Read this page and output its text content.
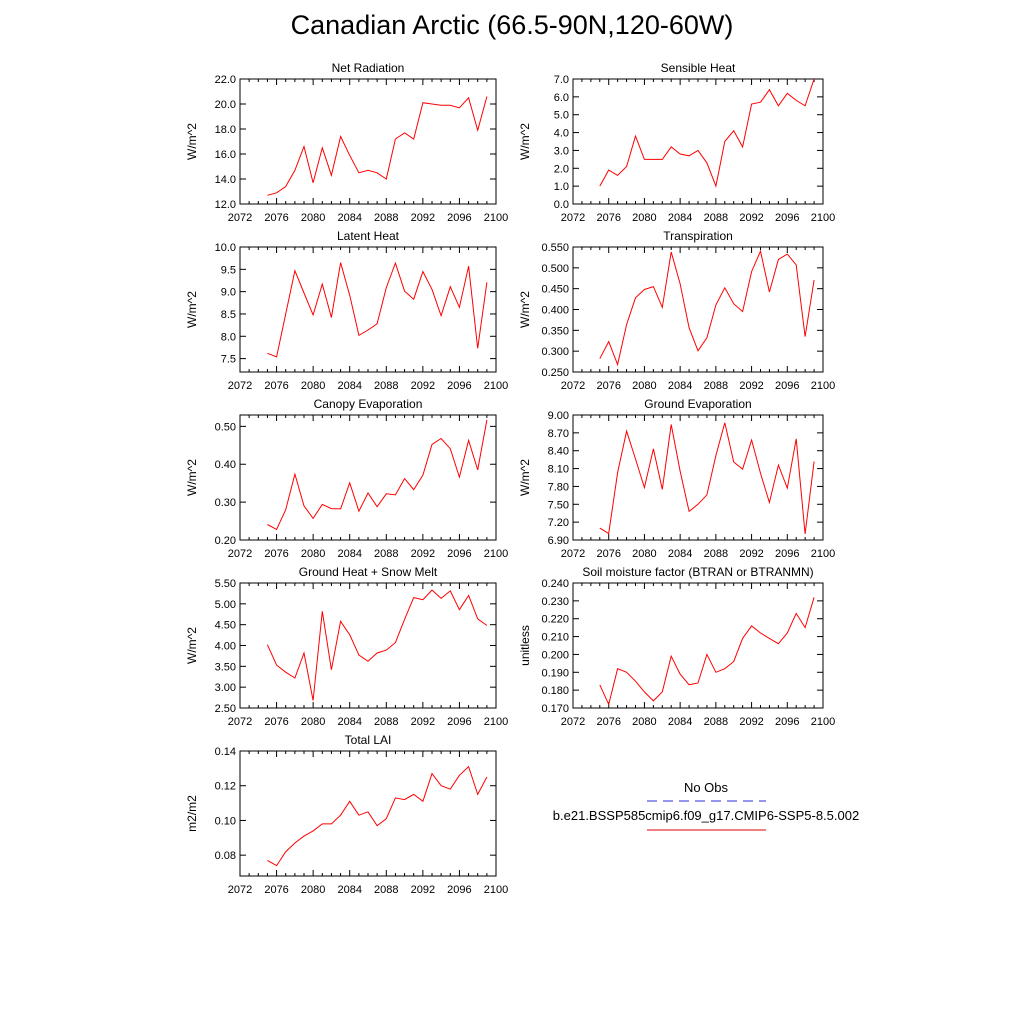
Canadian Arctic (66.5-90N,120-60W)
Net Radiation
W/m^2
12.0
14.0
16.0
18.0
20.0
22.0
2072 2076 2080 2084 2088 2092 2096 2100
Sensible Heat
W/m^2
0.0
1.0
2.0
3.0
4.0
5.0
6.0
7.0
2072 2076 2080 2084 2088 2092 2096 2100
Latent Heat
W/m^2
7.5
8.0
8.5
9.0
9.5
10.0
2072 2076 2080 2084 2088 2092 2096 2100
Transpiration
W/m^2
0.250
0.300
0.350
0.400
0.450
0.500
0.550
2072 2076 2080 2084 2088 2092 2096 2100
Canopy Evaporation
W/m^2
0.20
0.30
0.40
0.50
2072 2076 2080 2084 2088 2092 2096 2100
Ground Evaporation
W/m^2
6.90
7.20
7.50
7.80
8.10
8.40
8.70
9.00
2072 2076 2080 2084 2088 2092 2096 2100
Ground Heat + Snow Melt
W/m^2
2.50
3.00
3.50
4.00
4.50
5.00
5.50
2072 2076 2080 2084 2088 2092 2096 2100
Soil moisture factor (BTRAN or BTRANMN)
unitless
0.170
0.180
0.190
0.200
0.210
0.220
0.230
0.240
2072 2076 2080 2084 2088 2092 2096 2100
Total LAI
m2/m2
0.08
0.10
0.12
0.14
2072 2076 2080 2084 2088 2092 2096 2100
No Obs
b.e21.BSSP585cmip6.f09_g17.CMIP6-SSP5-8.5.002
